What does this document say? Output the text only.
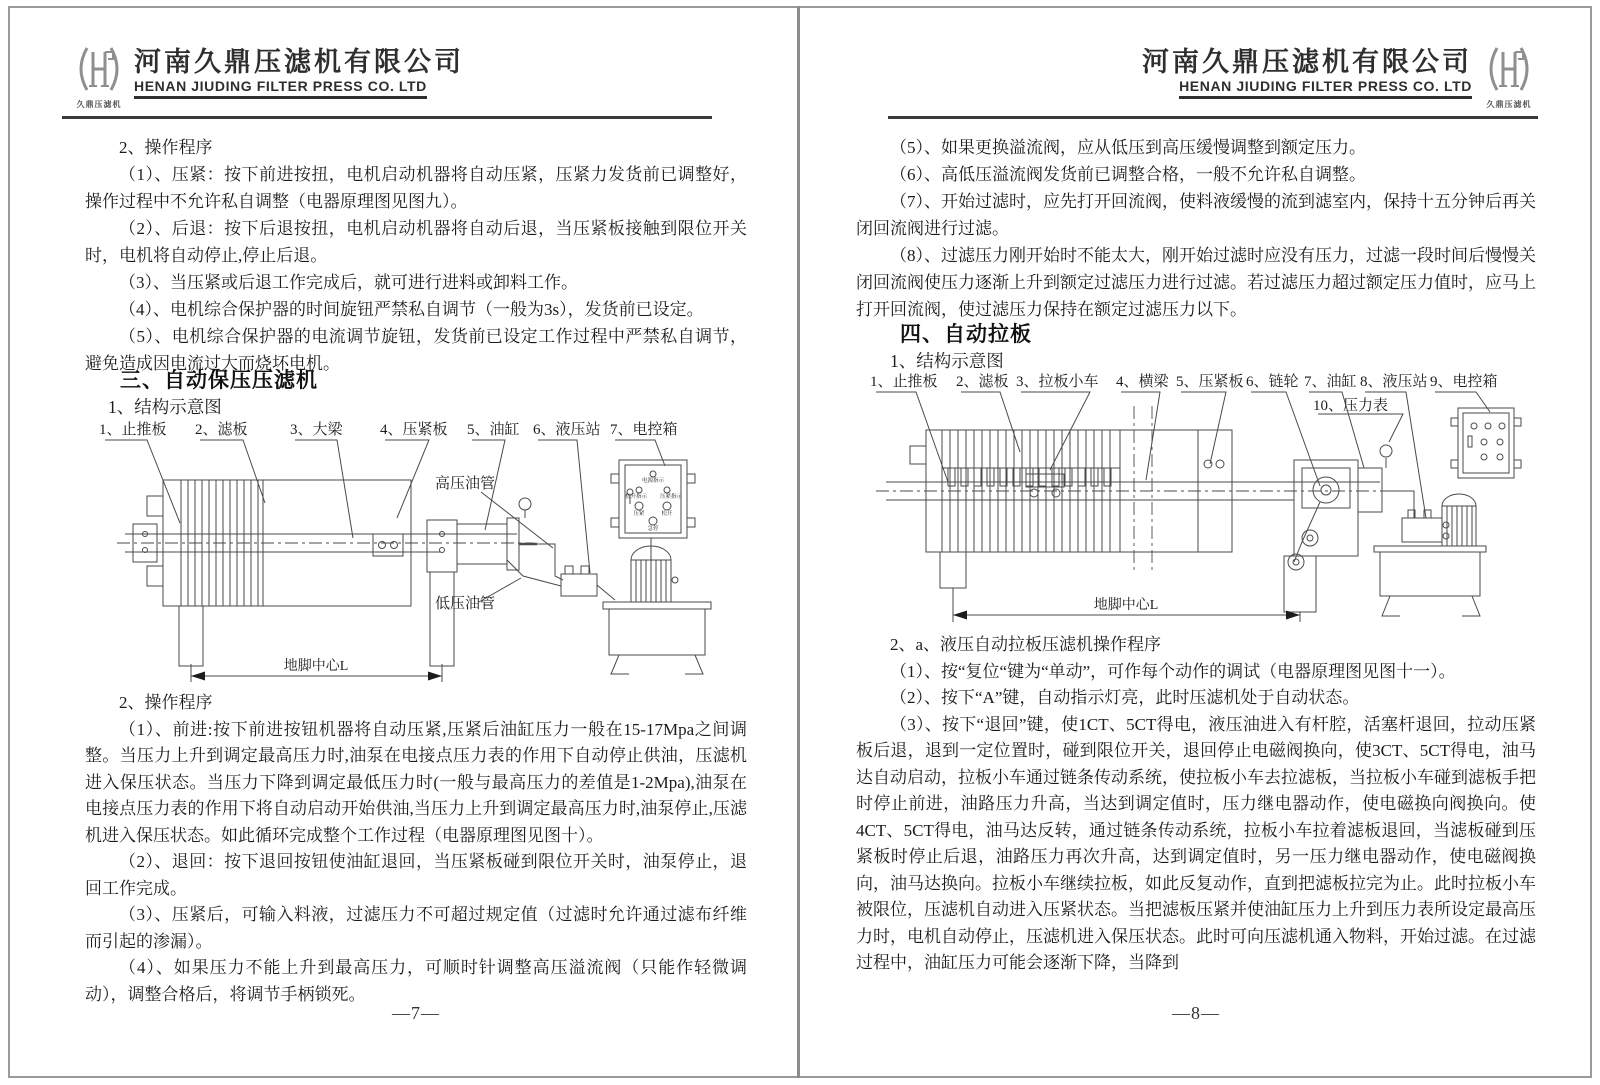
久鼎压滤机
河南久鼎压滤机有限公司
HENAN JIUDING FILTER PRESS CO. LTD

2、操作程序

（1）、压紧：按下前进按扭，电机启动机器将自动压紧，压紧力发货前已调整好，操作过程中不允许私自调整（电器原理图见图九）。

（2）、后退：按下后退按扭，电机启动机器将自动后退，当压紧板接触到限位开关时，电机将自动停止,停止后退。

（3）、当压紧或后退工作完成后，就可进行进料或卸料工作。

（4）、电机综合保护器的时间旋钮严禁私自调节（一般为3s），发货前已设定。

（5）、电机综合保护器的电流调节旋钮，发货前已设定工作过程中严禁私自调节，避免造成因电流过大而烧坏电机。

三、自动保压压滤机
1、结构示意图
1、止推板 2、滤板	3、大梁 4、压紧板 5、油缸 6、液压站 7、电控箱
电源指示
松开指示 压紧指示
压紧	松开
急停
高压油管
低压油管
地脚中心L

2、操作程序

（1）、前进:按下前进按钮机器将自动压紧,压紧后油缸压力一般在15-17Mpa之间调整。当压力上升到调定最高压力时,油泵在电接点压力表的作用下自动停止供油，压滤机进入保压状态。当压力下降到调定最低压力时(一般与最高压力的差值是1-2Mpa),油泵在电接点压力表的作用下将自动启动开始供油,当压力上升到调定最高压力时,油泵停止,压滤机进入保压状态。如此循环完成整个工作过程（电器原理图见图十）。

（2）、退回：按下退回按钮使油缸退回，当压紧板碰到限位开关时，油泵停止，退回工作完成。

（3）、压紧后，可输入料液，过滤压力不可超过规定值（过滤时允许通过滤布纤维而引起的渗漏）。

（4）、如果压力不能上升到最高压力，可顺时针调整高压溢流阀（只能作轻微调动），调整合格后，将调节手柄锁死。

—7—
久鼎压滤机
河南久鼎压滤机有限公司
HENAN JIUDING FILTER PRESS CO. LTD

（5）、如果更换溢流阀，应从低压到高压缓慢调整到额定压力。

（6）、高低压溢流阀发货前已调整合格，一般不允许私自调整。

（7）、开始过滤时，应先打开回流阀，使料液缓慢的流到滤室内，保持十五分钟后再关闭回流阀进行过滤。

（8）、过滤压力刚开始时不能太大，刚开始过滤时应没有压力，过滤一段时间后慢慢关闭回流阀使压力逐渐上升到额定过滤压力进行过滤。若过滤压力超过额定压力值时，应马上打开回流阀，使过滤压力保持在额定过滤压力以下。

四、自动拉板
1、结构示意图
1、止推板 2、滤板 3、拉板小车 4、横梁 5、压紧板 6、链轮 7、油缸 8、液压站 9、电控箱
10、压力表
地脚中心L

2、a、液压自动拉板压滤机操作程序

（1）、按“复位“键为“单动”，可作每个动作的调试（电器原理图见图十一）。

（2）、按下“A”键，自动指示灯亮，此时压滤机处于自动状态。

（3）、按下“退回”键，使1CT、5CT得电，液压油进入有杆腔，活塞杆退回，拉动压紧板后退，退到一定位置时，碰到限位开关，退回停止电磁阀换向，使3CT、5CT得电，油马达自动启动，拉板小车通过链条传动系统，使拉板小车去拉滤板，当拉板小车碰到滤板手把时停止前进，油路压力升高，当达到调定值时，压力继电器动作，使电磁换向阀换向。使4CT、5CT得电，油马达反转，通过链条传动系统，拉板小车拉着滤板退回，当滤板碰到压紧板时停止后退，油路压力再次升高，达到调定值时，另一压力继电器动作，使电磁阀换向，油马达换向。拉板小车继续拉板，如此反复动作，直到把滤板拉完为止。此时拉板小车被限位，压滤机自动进入压紧状态。当把滤板压紧并使油缸压力上升到压力表所设定最高压力时，电机自动停止，压滤机进入保压状态。此时可向压滤机通入物料，开始过滤。在过滤过程中，油缸压力可能会逐渐下降，当降到

—8—
